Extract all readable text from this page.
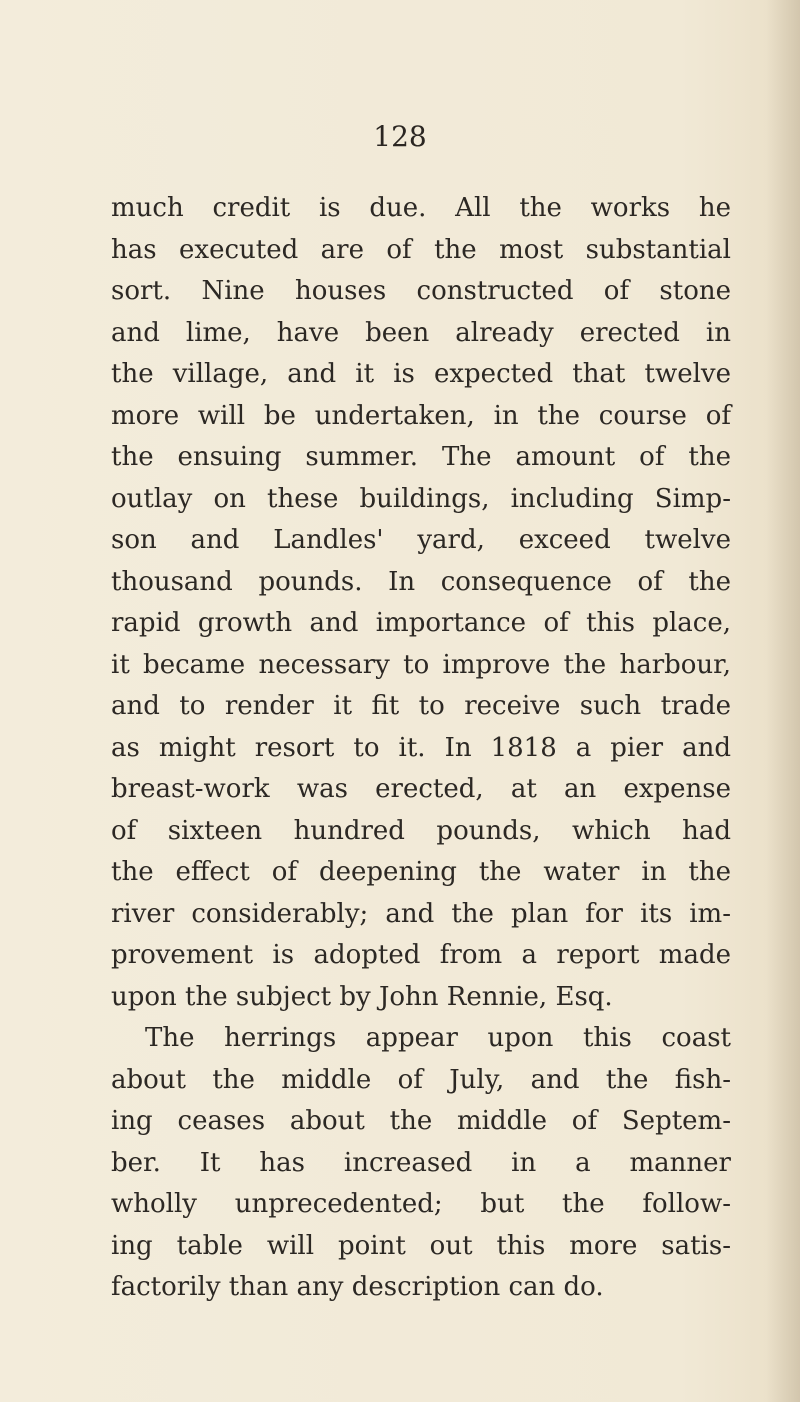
128
much credit is due. All the works he
has executed are of the most substantial
sort. Nine houses constructed of stone
and lime, have been already erected in
the village, and it is expected that twelve
more will be undertaken, in the course of
the ensuing summer. The amount of the
outlay on these buildings, including Simp-
son and Landles' yard, exceed twelve
thousand pounds. In consequence of the
rapid growth and importance of this place,
it became necessary to improve the harbour,
and to render it fit to receive such trade
as might resort to it. In 1818 a pier and
breast-work was erected, at an expense
of sixteen hundred pounds, which had
the effect of deepening the water in the
river considerably; and the plan for its im-
provement is adopted from a report made
upon the subject by John Rennie, Esq.
The herrings appear upon this coast
about the middle of July, and the fish-
ing ceases about the middle of Septem-
ber. It has increased in a manner
wholly unprecedented; but the follow-
ing table will point out this more satis-
factorily than any description can do.
